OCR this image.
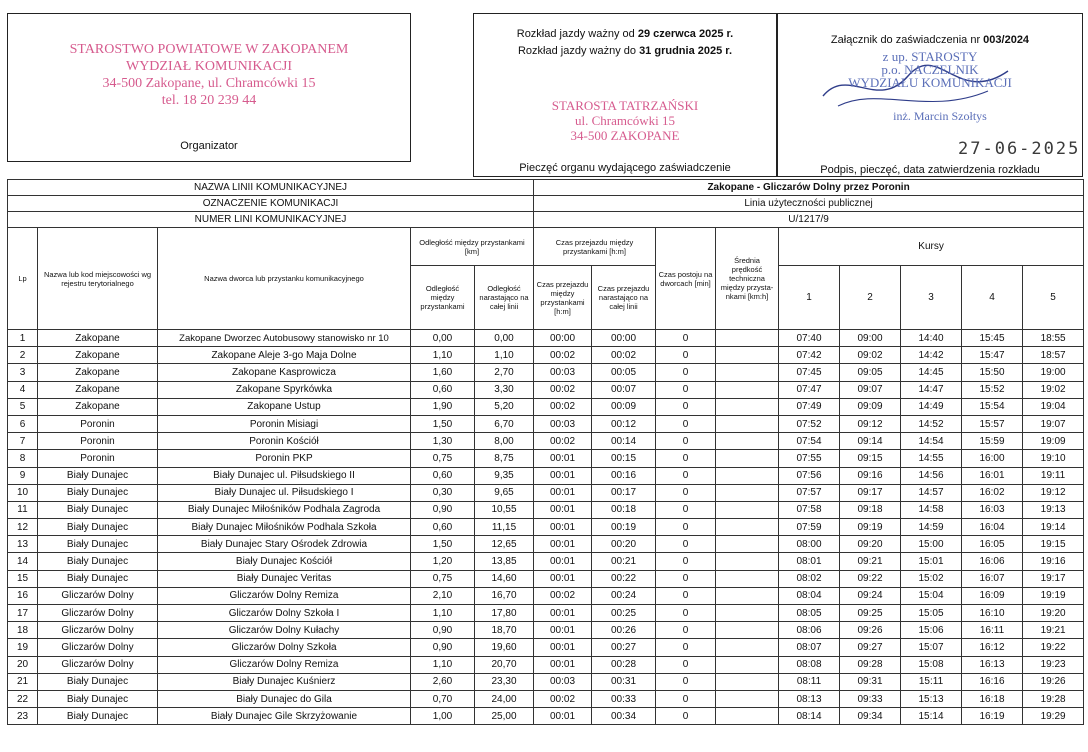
STAROSTWO POWIATOWE W ZAKOPANEM
WYDZIAŁ KOMUNIKACJI
34-500 Zakopane, ul. Chramcówki 15
tel. 18 20 239 44
Organizator
Rozkład jazdy ważny od 29 czerwca 2025 r.
Rozkład jazdy ważny do 31 grudnia 2025 r.
STAROSTA TATRZAŃSKI
ul. Chramcówki 15
34-500 ZAKOPANE
Pieczęć organu wydającego zaświadczenie
Załącznik do zaświadczenia nr 003/2024
z up. STAROSTY
p.o. NACZELNIK
WYDZIAŁU KOMUNIKACJI
inż. Marcin Szołtys
27-06-2025
Podpis, pieczęć, data zatwierdzenia rozkładu
NAZWA LINII KOMUNIKACYJNEJ					Zakopane - Gliczarów Dolny przez Poronin								
OZNACZENIE KOMUNIKACJI					Linia użyteczności publicznej								
NUMER LINI KOMUNIKACYJNEJ					U/1217/9								
Lp	Nazwa lub kod miejscowości wg rejestru terytorialnego	Nazwa dworca lub przystanku komunikacyjnego	Odległość między przystankami [km]		Czas przejazdu między przystankami [h:m]		Czas postoju na dworcach [min]	Średnia prędkość techniczna między przysta- nkami [km:h]	Kursy				
			Odległość między przystankami	Odległość narastająco na całej linii	Czas przejazdu między przystankami [h:m]	Czas przejazdu narastająco na całej linii			1	2	3	4	5
1	Zakopane	Zakopane Dworzec Autobusowy stanowisko nr 10	0,00	0,00	00:00	00:00	0		07:40	09:00	14:40	15:45	18:55
2	Zakopane	Zakopane Aleje 3-go Maja Dolne	1,10	1,10	00:02	00:02	0		07:42	09:02	14:42	15:47	18:57
3	Zakopane	Zakopane Kasprowicza	1,60	2,70	00:03	00:05	0		07:45	09:05	14:45	15:50	19:00
4	Zakopane	Zakopane Spyrkówka	0,60	3,30	00:02	00:07	0		07:47	09:07	14:47	15:52	19:02
5	Zakopane	Zakopane Ustup	1,90	5,20	00:02	00:09	0		07:49	09:09	14:49	15:54	19:04
6	Poronin	Poronin Misiagi	1,50	6,70	00:03	00:12	0		07:52	09:12	14:52	15:57	19:07
7	Poronin	Poronin Kościół	1,30	8,00	00:02	00:14	0		07:54	09:14	14:54	15:59	19:09
8	Poronin	Poronin PKP	0,75	8,75	00:01	00:15	0		07:55	09:15	14:55	16:00	19:10
9	Biały Dunajec	Biały Dunajec ul. Piłsudskiego II	0,60	9,35	00:01	00:16	0		07:56	09:16	14:56	16:01	19:11
10	Biały Dunajec	Biały Dunajec ul. Piłsudskiego I	0,30	9,65	00:01	00:17	0		07:57	09:17	14:57	16:02	19:12
11	Biały Dunajec	Biały Dunajec Miłośników Podhala Zagroda	0,90	10,55	00:01	00:18	0		07:58	09:18	14:58	16:03	19:13
12	Biały Dunajec	Biały Dunajec Miłośników Podhala Szkoła	0,60	11,15	00:01	00:19	0		07:59	09:19	14:59	16:04	19:14
13	Biały Dunajec	Biały Dunajec Stary Ośrodek Zdrowia	1,50	12,65	00:01	00:20	0		08:00	09:20	15:00	16:05	19:15
14	Biały Dunajec	Biały Dunajec Kościół	1,20	13,85	00:01	00:21	0		08:01	09:21	15:01	16:06	19:16
15	Biały Dunajec	Biały Dunajec Veritas	0,75	14,60	00:01	00:22	0		08:02	09:22	15:02	16:07	19:17
16	Gliczarów Dolny	Gliczarów Dolny Remiza	2,10	16,70	00:02	00:24	0		08:04	09:24	15:04	16:09	19:19
17	Gliczarów Dolny	Gliczarów Dolny Szkoła I	1,10	17,80	00:01	00:25	0		08:05	09:25	15:05	16:10	19:20
18	Gliczarów Dolny	Gliczarów Dolny Kułachy	0,90	18,70	00:01	00:26	0		08:06	09:26	15:06	16:11	19:21
19	Gliczarów Dolny	Gliczarów Dolny Szkoła	0,90	19,60	00:01	00:27	0		08:07	09:27	15:07	16:12	19:22
20	Gliczarów Dolny	Gliczarów Dolny Remiza	1,10	20,70	00:01	00:28	0		08:08	09:28	15:08	16:13	19:23
21	Biały Dunajec	Biały Dunajec Kuśnierz	2,60	23,30	00:03	00:31	0		08:11	09:31	15:11	16:16	19:26
22	Biały Dunajec	Biały Dunajec do Gila	0,70	24,00	00:02	00:33	0		08:13	09:33	15:13	16:18	19:28
23	Biały Dunajec	Biały Dunajec Gile Skrzyżowanie	1,00	25,00	00:01	00:34	0		08:14	09:34	15:14	16:19	19:29
